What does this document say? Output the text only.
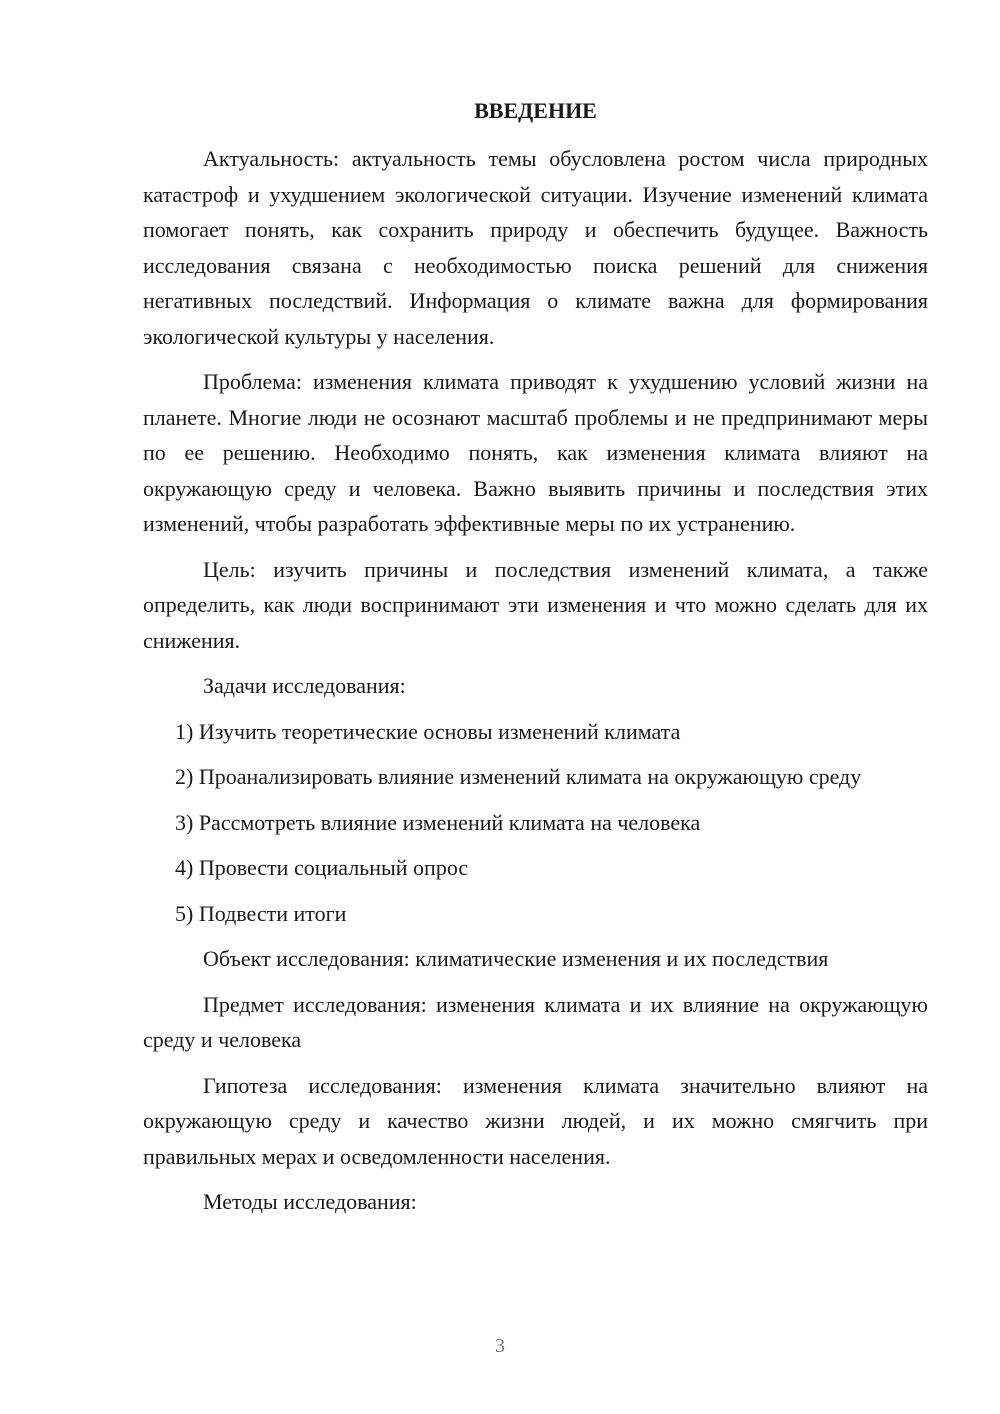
ВВЕДЕНИЕ

Актуальность: актуальность темы обусловлена ростом числа природных катастроф и ухудшением экологической ситуации. Изучение изменений климата помогает понять, как сохранить природу и обеспечить будущее. Важность исследования связана с необходимостью поиска решений для снижения негативных последствий. Информация о климате важна для формирования экологической культуры у населения.

Проблема: изменения климата приводят к ухудшению условий жизни на планете. Многие люди не осознают масштаб проблемы и не предпринимают меры по ее решению. Необходимо понять, как изменения климата влияют на окружающую среду и человека. Важно выявить причины и последствия этих изменений, чтобы разработать эффективные меры по их устранению.

Цель: изучить причины и последствия изменений климата, а также определить, как люди воспринимают эти изменения и что можно сделать для их снижения.

Задачи исследования:

1) Изучить теоретические основы изменений климата

2) Проанализировать влияние изменений климата на окружающую среду

3) Рассмотреть влияние изменений климата на человека

4) Провести социальный опрос

5) Подвести итоги

Объект исследования: климатические изменения и их последствия

Предмет исследования: изменения климата и их влияние на окружающую среду и человека

Гипотеза исследования: изменения климата значительно влияют на окружающую среду и качество жизни людей, и их можно смягчить при правильных мерах и осведомленности населения.

Методы исследования:

3
